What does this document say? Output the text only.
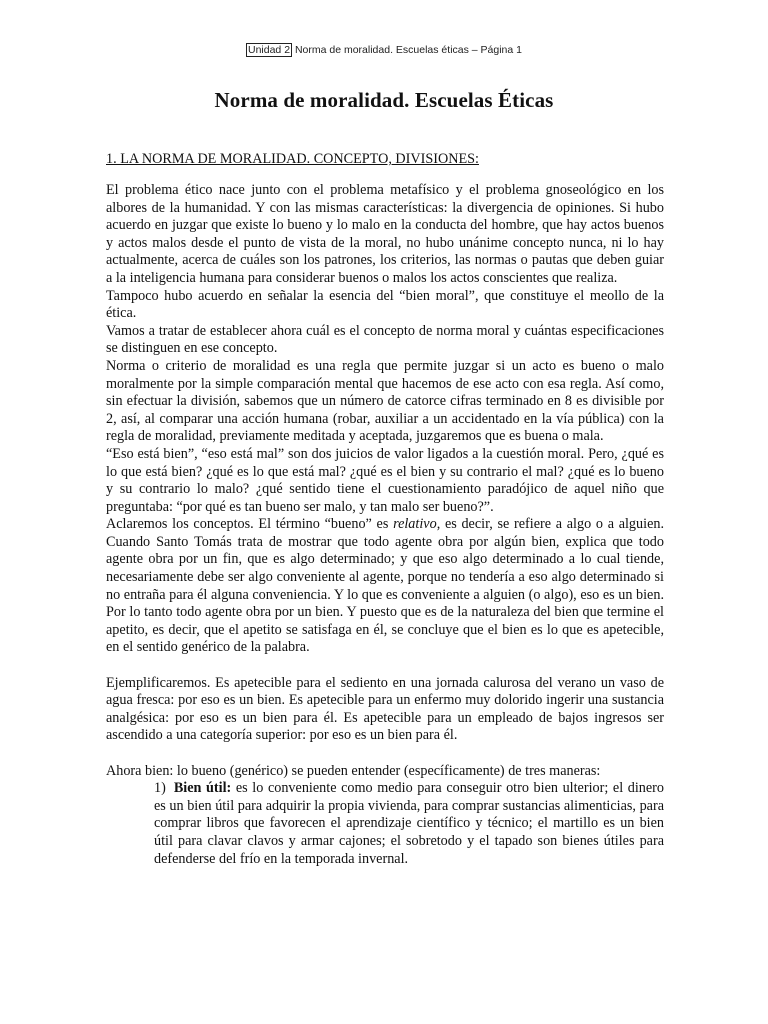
Unidad 2 Norma de moralidad. Escuelas éticas – Página 1
Norma de moralidad. Escuelas Éticas
1. LA NORMA DE MORALIDAD. CONCEPTO, DIVISIONES:

El problema ético nace junto con el problema metafísico y el problema gnoseológico en los albores de la humanidad. Y con las mismas características: la divergencia de opiniones. Si hubo acuerdo en juzgar que existe lo bueno y lo malo en la conducta del hombre, que hay actos buenos y actos malos desde el punto de vista de la moral, no hubo unánime concepto nunca, ni lo hay actualmente, acerca de cuáles son los patrones, los criterios, las normas o pautas que deben guiar a la inteligencia humana para considerar buenos o malos los actos conscientes que realiza.

Tampoco hubo acuerdo en señalar la esencia del “bien moral”, que constituye el meollo de la ética.

Vamos a tratar de establecer ahora cuál es el concepto de norma moral y cuántas especificaciones se distinguen en ese concepto.

Norma o criterio de moralidad es una regla que permite juzgar si un acto es bueno o malo moralmente por la simple comparación mental que hacemos de ese acto con esa regla. Así como, sin efectuar la división, sabemos que un número de catorce cifras terminado en 8 es divisible por 2, así, al comparar una acción humana (robar, auxiliar a un accidentado en la vía pública) con la regla de moralidad, previamente meditada y aceptada, juzgaremos que es buena o mala.

“Eso está bien”, “eso está mal” son dos juicios de valor ligados a la cuestión moral. Pero, ¿qué es lo que está bien? ¿qué es lo que está mal? ¿qué es el bien y su contrario el mal? ¿qué es lo bueno y su contrario lo malo? ¿qué sentido tiene el cuestionamiento paradójico de aquel niño que preguntaba: “por qué es tan bueno ser malo, y tan malo ser bueno?”.

Aclaremos los conceptos. El término “bueno” es relativo, es decir, se refiere a algo o a alguien. Cuando Santo Tomás trata de mostrar que todo agente obra por algún bien, explica que todo agente obra por un fin, que es algo determinado; y que eso algo determinado a lo cual tiende, necesariamente debe ser algo conveniente al agente, porque no tendería a eso algo determinado si no entraña para él alguna conveniencia. Y lo que es conveniente a alguien (o algo), eso es un bien. Por lo tanto todo agente obra por un bien. Y puesto que es de la naturaleza del bien que termine el apetito, es decir, que el apetito se satisfaga en él, se concluye que el bien es lo que es apetecible, en el sentido genérico de la palabra.

Ejemplificaremos. Es apetecible para el sediento en una jornada calurosa del verano un vaso de agua fresca: por eso es un bien. Es apetecible para un enfermo muy dolorido ingerir una sustancia analgésica: por eso es un bien para él. Es apetecible para un empleado de bajos ingresos ser ascendido a una categoría superior: por eso es un bien para él.

Ahora bien: lo bueno (genérico) se pueden entender (específicamente) de tres maneras:

1) Bien útil: es lo conveniente como medio para conseguir otro bien ulterior; el dinero es un bien útil para adquirir la propia vivienda, para comprar sustancias alimenticias, para comprar libros que favorecen el aprendizaje científico y técnico; el martillo es un bien útil para clavar clavos y armar cajones; el sobretodo y el tapado son bienes útiles para defenderse del frío en la temporada invernal.
